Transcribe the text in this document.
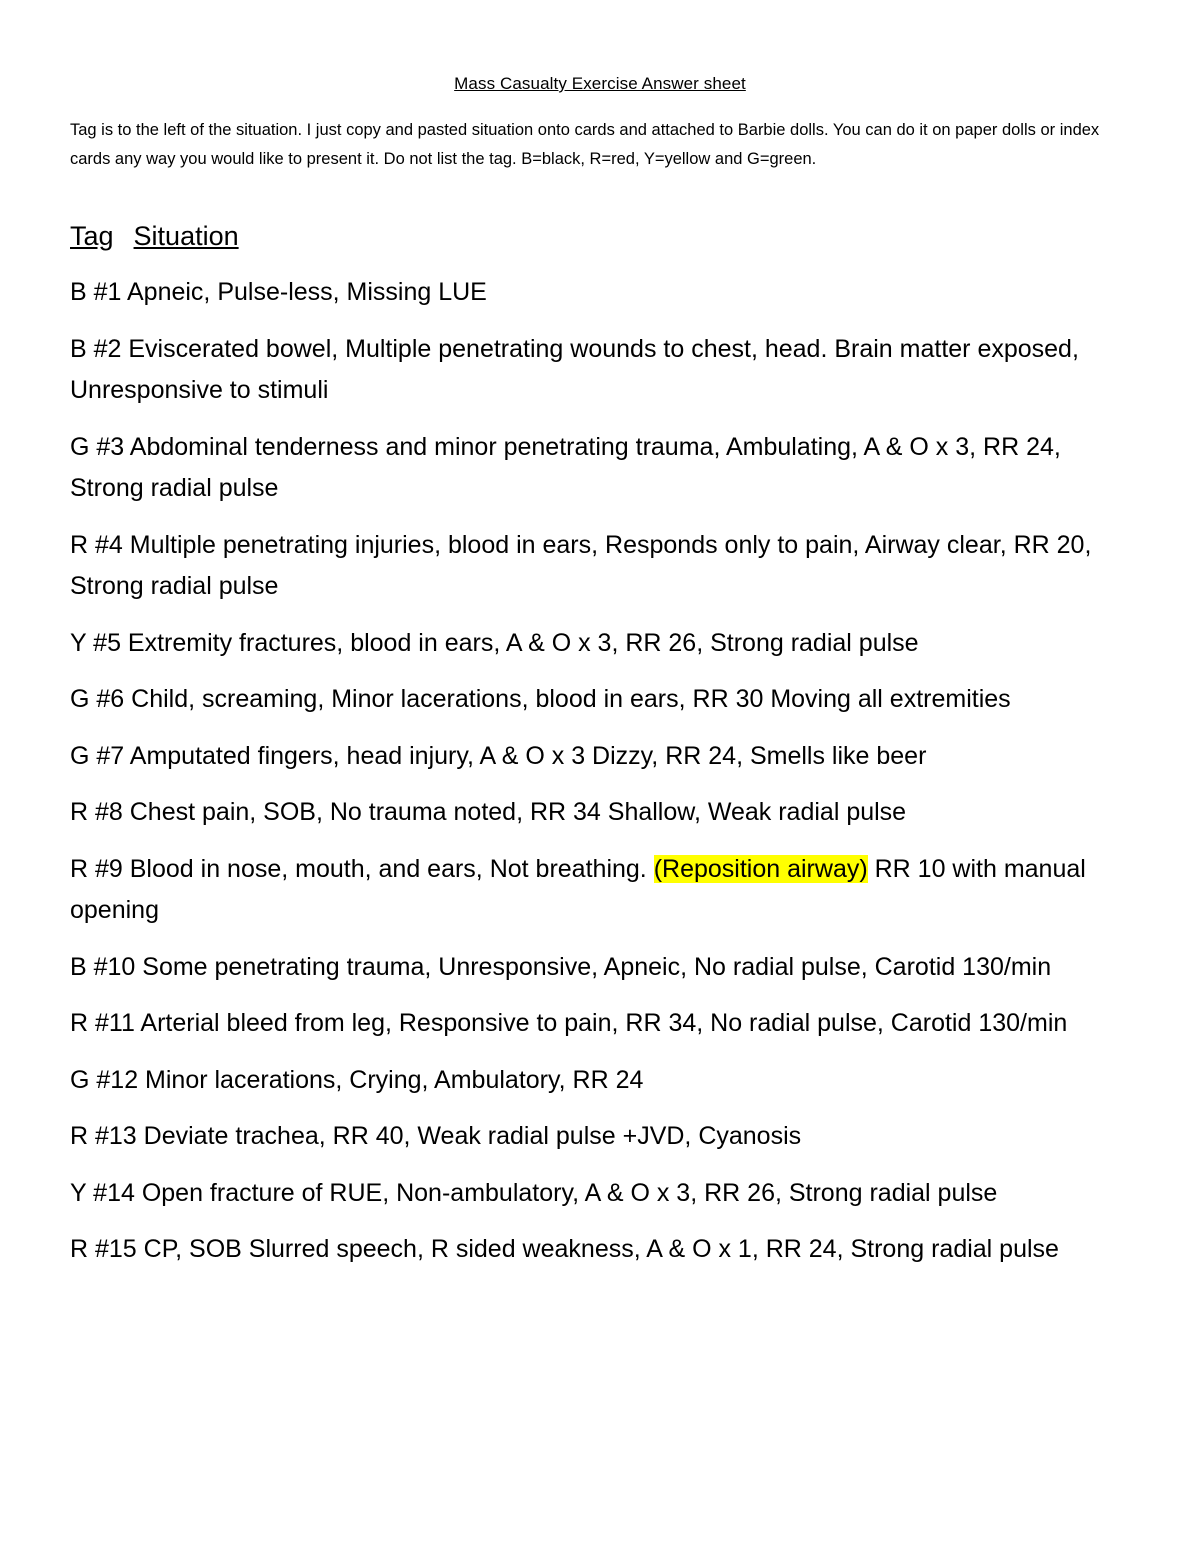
Mass Casualty Exercise Answer sheet
Tag is to the left of the situation. I just copy and pasted situation onto cards and attached to Barbie dolls. You can do it on paper dolls or index cards any way you would like to present it. Do not list the tag. B=black, R=red, Y=yellow and G=green.
Tag Situation

B #1 Apneic, Pulse-less, Missing LUE

B #2 Eviscerated bowel, Multiple penetrating wounds to chest, head. Brain matter exposed, Unresponsive to stimuli

G #3 Abdominal tenderness and minor penetrating trauma, Ambulating, A & O x 3, RR 24, Strong radial pulse

R #4 Multiple penetrating injuries, blood in ears, Responds only to pain, Airway clear, RR 20, Strong radial pulse

Y #5 Extremity fractures, blood in ears, A & O x 3, RR 26, Strong radial pulse

G #6 Child, screaming, Minor lacerations, blood in ears, RR 30 Moving all extremities

G #7 Amputated fingers, head injury, A & O x 3 Dizzy, RR 24, Smells like beer

R #8 Chest pain, SOB, No trauma noted, RR 34 Shallow, Weak radial pulse

R #9 Blood in nose, mouth, and ears, Not breathing. (Reposition airway) RR 10 with manual opening

B #10 Some penetrating trauma, Unresponsive, Apneic, No radial pulse, Carotid 130/min

R #11 Arterial bleed from leg, Responsive to pain, RR 34, No radial pulse, Carotid 130/min

G #12 Minor lacerations, Crying, Ambulatory, RR 24

R #13 Deviate trachea, RR 40, Weak radial pulse +JVD, Cyanosis

Y #14 Open fracture of RUE, Non-ambulatory, A & O x 3, RR 26, Strong radial pulse

R #15 CP, SOB Slurred speech, R sided weakness, A & O x 1, RR 24, Strong radial pulse
